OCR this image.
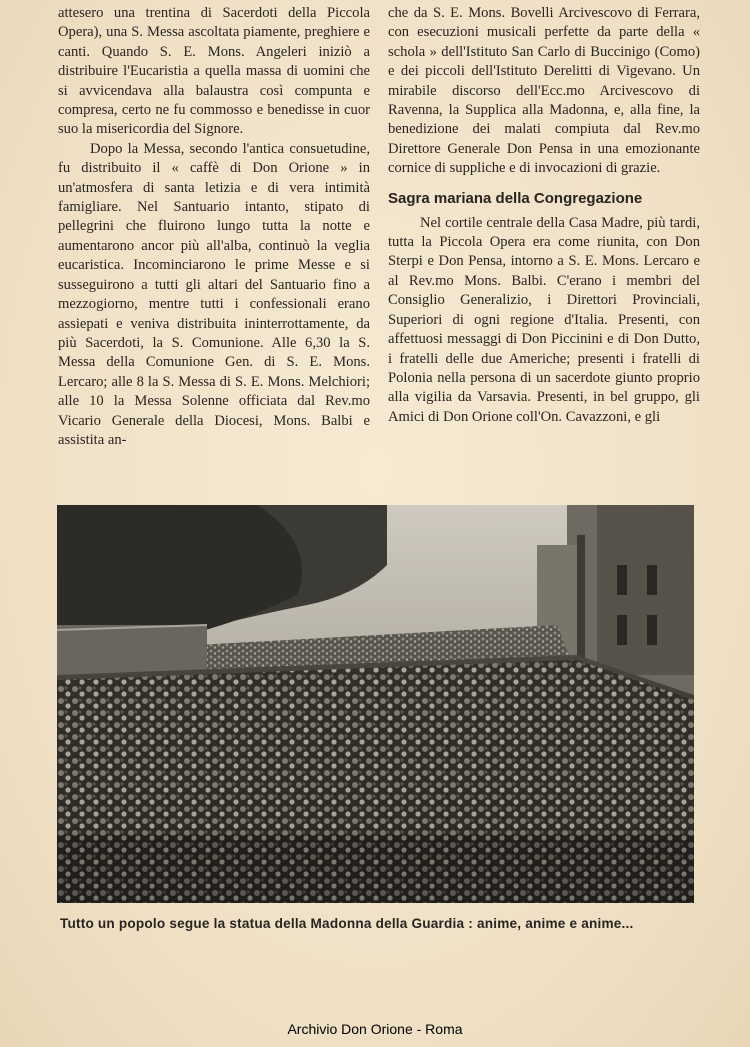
attesero una trentina di Sacerdoti della Piccola Opera), una S. Messa ascoltata piamente, preghiere e canti. Quando S. E. Mons. Angeleri iniziò a distribuire l'Eucaristia a quella massa di uomini che si avvicendava alla balaustra così compunta e compresa, certo ne fu commosso e benedisse in cuor suo la misericordia del Signore.

Dopo la Messa, secondo l'antica consuetudine, fu distribuito il « caffè di Don Orione » in un'atmosfera di santa letizia e di vera intimità famigliare. Nel Santuario intanto, stipato di pellegrini che fluirono lungo tutta la notte e aumentarono ancor più all'alba, continuò la veglia eucaristica. Incominciarono le prime Messe e si susseguirono a tutti gli altari del Santuario fino a mezzogiorno, mentre tutti i confessionali erano assiepati e veniva distribuita ininterrottamente, da più Sacerdoti, la S. Comunione. Alle 6,30 la S. Messa della Comunione Gen. di S. E. Mons. Lercaro; alle 8 la S. Messa di S. E. Mons. Melchiori; alle 10 la Messa Solenne officiata dal Rev.mo Vicario Generale della Diocesi, Mons. Balbi e assistita an-

che da S. E. Mons. Bovelli Arcivescovo di Ferrara, con esecuzioni musicali perfette da parte della « schola » dell'Istituto San Carlo di Buccinigo (Como) e dei piccoli dell'Istituto Derelitti di Vigevano. Un mirabile discorso dell'Ecc.mo Arcivescovo di Ravenna, la Supplica alla Madonna, e, alla fine, la benedizione dei malati compiuta dal Rev.mo Direttore Generale Don Pensa in una emozionante cornice di suppliche e di invocazioni di grazie.

Sagra mariana della Congregazione

Nel cortile centrale della Casa Madre, più tardi, tutta la Piccola Opera era come riunita, con Don Sterpi e Don Pensa, intorno a S. E. Mons. Lercaro e al Rev.mo Mons. Balbi. C'erano i membri del Consiglio Generalizio, i Direttori Provinciali, Superiori di ogni regione d'Italia. Presenti, con affettuosi messaggi di Don Piccinini e di Don Dutto, i fratelli delle due Americhe; presenti i fratelli di Polonia nella persona di un sacerdote giunto proprio alla vigilia da Varsavia. Presenti, in bel gruppo, gli Amici di Don Orione coll'On. Cavazzoni, e gli

Tutto un popolo segue la statua della Madonna della Guardia : anime, anime e anime...
Archivio Don Orione - Roma
